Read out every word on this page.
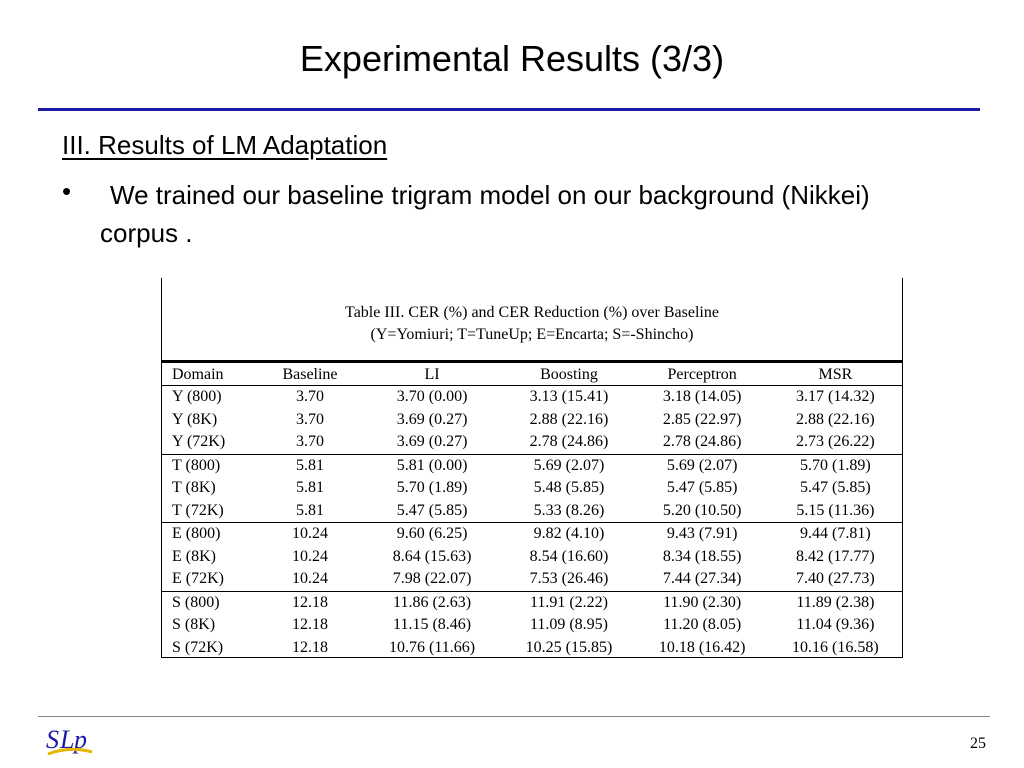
Experimental Results (3/3)
III. Results of LM Adaptation
•	We trained our baseline trigram model on our background (Nikkei) corpus .
Table III. CER (%) and CER Reduction (%) over Baseline
(Y=Yomiuri; T=TuneUp; E=Encarta; S=-Shincho)
Domain	Baseline	LI	Boosting	Perceptron	MSR
Y (800)	3.70	3.70 (0.00)	3.13 (15.41)	3.18 (14.05)	3.17 (14.32)
Y (8K)	3.70	3.69 (0.27)	2.88 (22.16)	2.85 (22.97)	2.88 (22.16)
Y (72K)	3.70	3.69 (0.27)	2.78 (24.86)	2.78 (24.86)	2.73 (26.22)
T (800)	5.81	5.81 (0.00)	5.69 (2.07)	5.69 (2.07)	5.70 (1.89)
T (8K)	5.81	5.70 (1.89)	5.48 (5.85)	5.47 (5.85)	5.47 (5.85)
T (72K)	5.81	5.47 (5.85)	5.33 (8.26)	5.20 (10.50)	5.15 (11.36)
E (800)	10.24	9.60 (6.25)	9.82 (4.10)	9.43 (7.91)	9.44 (7.81)
E (8K)	10.24	8.64 (15.63)	8.54 (16.60)	8.34 (18.55)	8.42 (17.77)
E (72K)	10.24	7.98 (22.07)	7.53 (26.46)	7.44 (27.34)	7.40 (27.73)
S (800)	12.18	11.86 (2.63)	11.91 (2.22)	11.90 (2.30)	11.89 (2.38)
S (8K)	12.18	11.15 (8.46)	11.09 (8.95)	11.20 (8.05)	11.04 (9.36)
S (72K)	12.18	10.76 (11.66)	10.25 (15.85)	10.18 (16.42)	10.16 (16.58)
S L p	25
